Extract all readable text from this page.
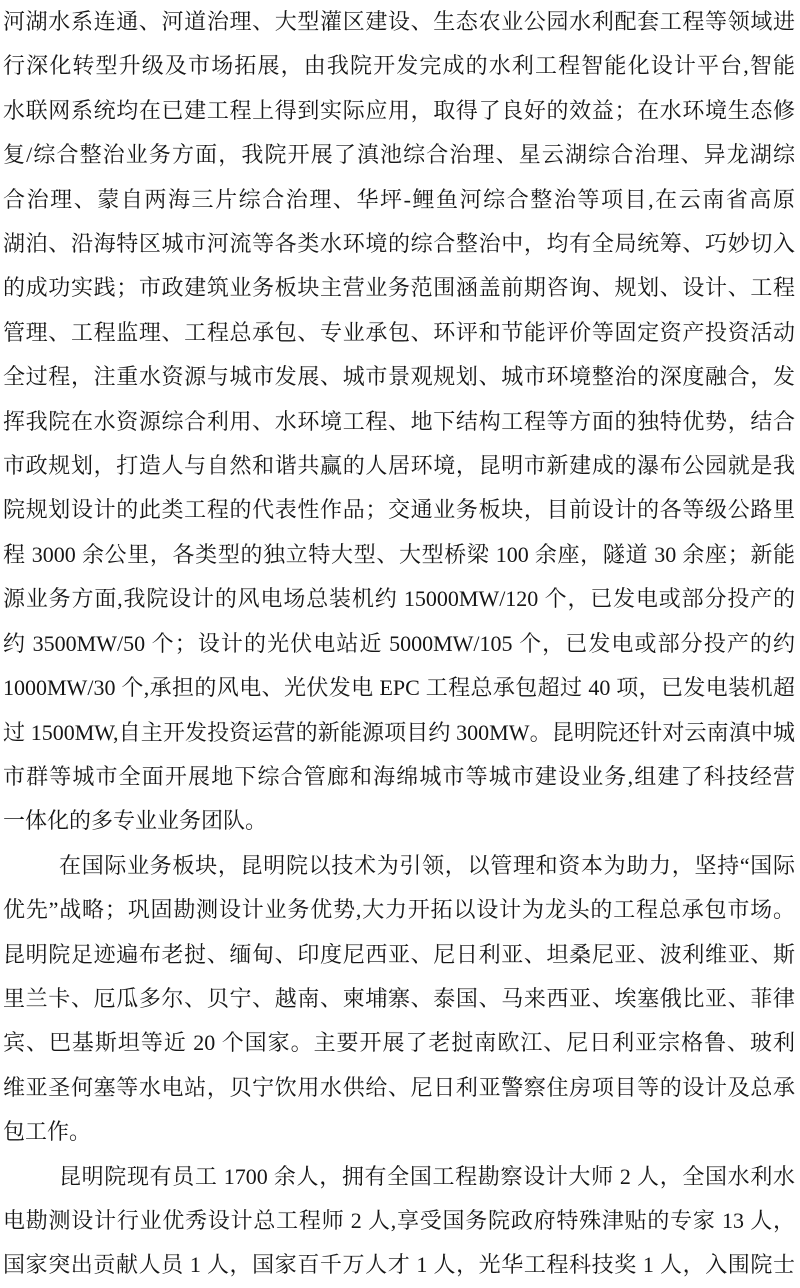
河湖水系连通、河道治理、大型灌区建设、生态农业公园水利配套工程等领域进
行深化转型升级及市场拓展，由我院开发完成的水利工程智能化设计平台,智能
水联网系统均在已建工程上得到实际应用，取得了良好的效益；在水环境生态修
复/综合整治业务方面，我院开展了滇池综合治理、星云湖综合治理、异龙湖综
合治理、蒙自两海三片综合治理、华坪-鲤鱼河综合整治等项目,在云南省高原
湖泊、沿海特区城市河流等各类水环境的综合整治中，均有全局统筹、巧妙切入
的成功实践；市政建筑业务板块主营业务范围涵盖前期咨询、规划、设计、工程
管理、工程监理、工程总承包、专业承包、环评和节能评价等固定资产投资活动
全过程，注重水资源与城市发展、城市景观规划、城市环境整治的深度融合，发
挥我院在水资源综合利用、水环境工程、地下结构工程等方面的独特优势，结合
市政规划，打造人与自然和谐共赢的人居环境，昆明市新建成的瀑布公园就是我
院规划设计的此类工程的代表性作品；交通业务板块，目前设计的各等级公路里
程 3000 余公里，各类型的独立特大型、大型桥梁 100 余座，隧道 30 余座；新能
源业务方面,我院设计的风电场总装机约 15000MW/120 个，已发电或部分投产的
约 3500MW/50 个；设计的光伏电站近 5000MW/105 个，已发电或部分投产的约
1000MW/30 个,承担的风电、光伏发电 EPC 工程总承包超过 40 项，已发电装机超
过 1500MW,自主开发投资运营的新能源项目约 300MW。昆明院还针对云南滇中城
市群等城市全面开展地下综合管廊和海绵城市等城市建设业务,组建了科技经营
一体化的多专业业务团队。
在国际业务板块，昆明院以技术为引领，以管理和资本为助力，坚持“国际
优先”战略；巩固勘测设计业务优势,大力开拓以设计为龙头的工程总承包市场。
昆明院足迹遍布老挝、缅甸、印度尼西亚、尼日利亚、坦桑尼亚、波利维亚、斯
里兰卡、厄瓜多尔、贝宁、越南、柬埔寨、泰国、马来西亚、埃塞俄比亚、菲律
宾、巴基斯坦等近 20 个国家。主要开展了老挝南欧江、尼日利亚宗格鲁、玻利
维亚圣何塞等水电站，贝宁饮用水供给、尼日利亚警察住房项目等的设计及总承
包工作。
昆明院现有员工 1700 余人，拥有全国工程勘察设计大师 2 人，全国水利水
电勘测设计行业优秀设计总工程师 2 人,享受国务院政府特殊津贴的专家 13 人，
国家突出贡献人员 1 人，国家百千万人才 1 人，光华工程科技奖 1 人，入围院士
